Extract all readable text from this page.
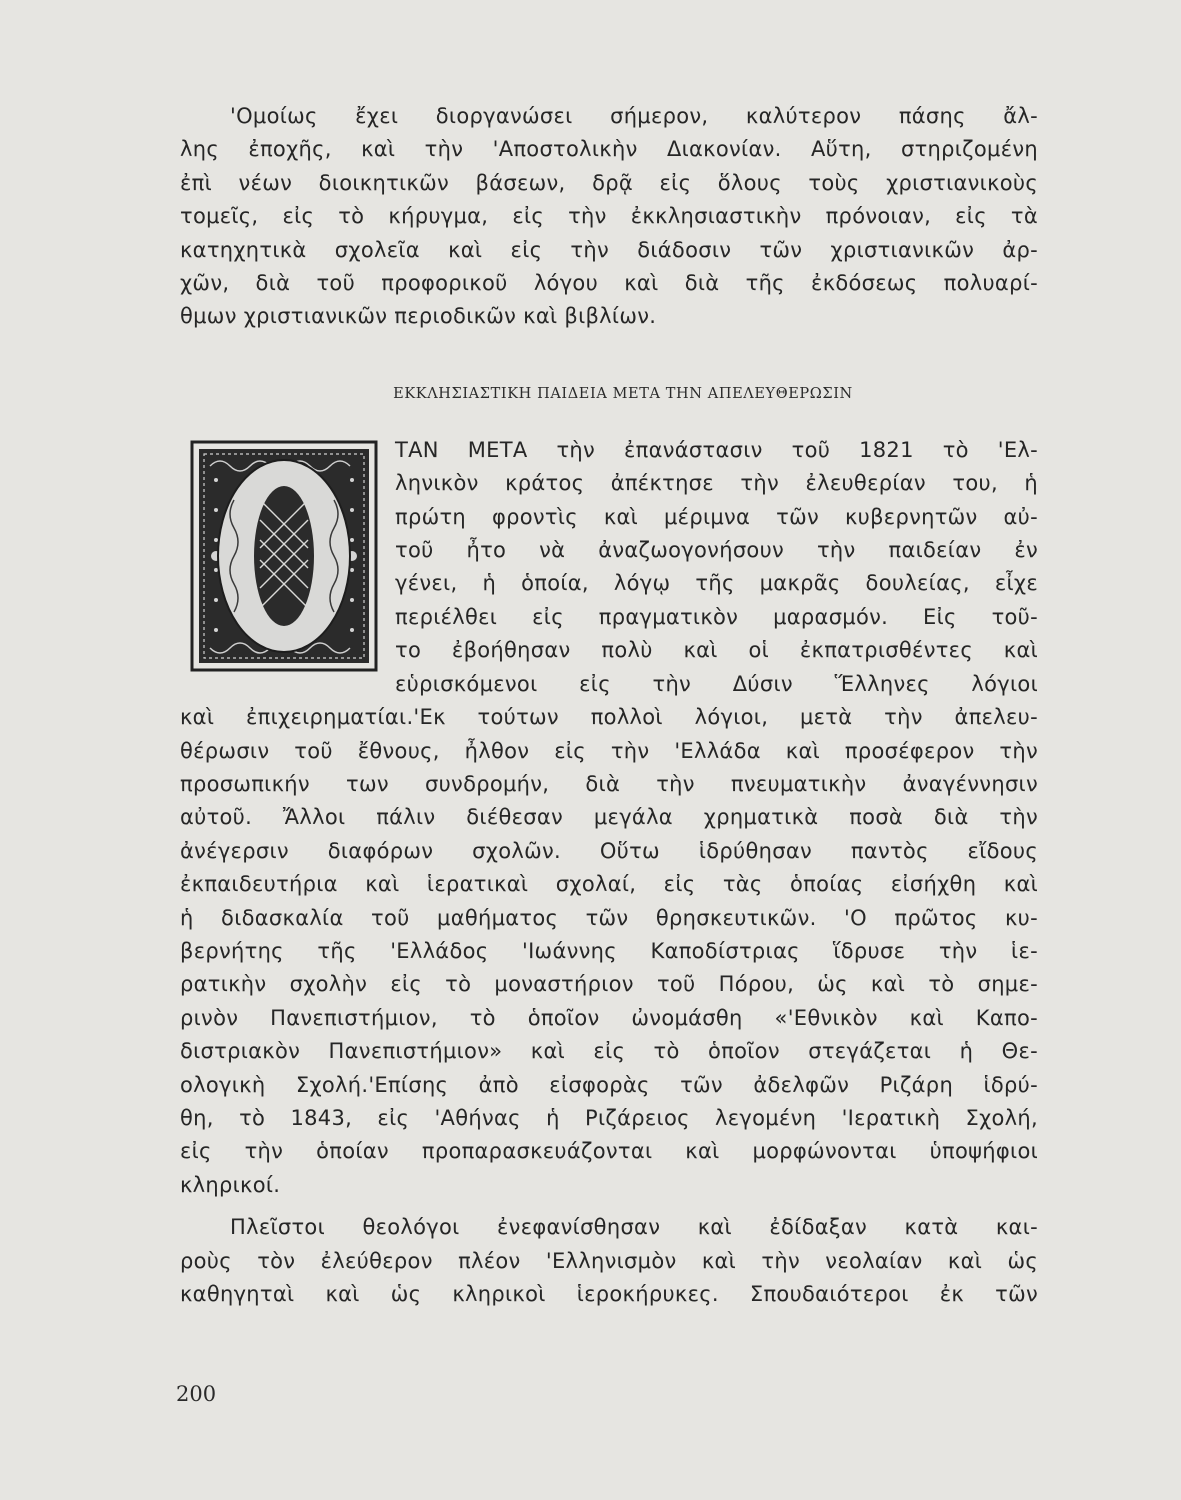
'Ομοίως ἔχει διοργανώσει σήμερον, καλύτερον πάσης ἄλ-
λης ἐποχῆς, καὶ τὴν 'Αποστολικὴν Διακονίαν. Αὕτη, στηριζομένη
ἐπὶ νέων διοικητικῶν βάσεων, δρᾷ εἰς ὅλους τοὺς χριστιανικοὺς
τομεῖς, εἰς τὸ κήρυγμα, εἰς τὴν ἐκκλησιαστικὴν πρόνοιαν, εἰς τὰ
κατηχητικὰ σχολεῖα καὶ εἰς τὴν διάδοσιν τῶν χριστιανικῶν ἀρ-
χῶν, διὰ τοῦ προφορικοῦ λόγου καὶ διὰ τῆς ἐκδόσεως πολυαρί-
θμων χριστιανικῶν περιοδικῶν καὶ βιβλίων.

ΕΚΚΛΗΣΙΑΣΤΙΚΗ ΠΑΙΔΕΙΑ ΜΕΤΑ ΤΗΝ ΑΠΕΛΕΥΘΕΡΩΣΙΝ

ΤΑΝ ΜΕΤΑ τὴν ἐπανάστασιν τοῦ 1821 τὸ 'Ελ-
ληνικὸν κράτος ἀπέκτησε τὴν ἐλευθερίαν του, ἡ
πρώτη φροντὶς καὶ μέριμνα τῶν κυβερνητῶν αὐ-
τοῦ ἦτο νὰ ἀναζωογονήσουν τὴν παιδείαν ἐν
γένει, ἡ ὁποία, λόγῳ τῆς μακρᾶς δουλείας, εἶχε
περιέλθει εἰς πραγματικὸν μαρασμόν. Εἰς τοῦ-
το ἐβοήθησαν πολὺ καὶ οἱ ἐκπατρισθέντες καὶ
εὑρισκόμενοι εἰς τὴν Δύσιν Ἕλληνες λόγιοι
καὶ ἐπιχειρηματίαι.'Εκ τούτων πολλοὶ λόγιοι, μετὰ τὴν ἀπελευ-
θέρωσιν τοῦ ἔθνους, ἦλθον εἰς τὴν 'Ελλάδα καὶ προσέφερον τὴν
προσωπικήν των συνδρομήν, διὰ τὴν πνευματικὴν ἀναγέννησιν
αὐτοῦ. Ἄλλοι πάλιν διέθεσαν μεγάλα χρηματικὰ ποσὰ διὰ τὴν
ἀνέγερσιν διαφόρων σχολῶν. Οὕτω ἱδρύθησαν παντὸς εἴδους
ἐκπαιδευτήρια καὶ ἱερατικαὶ σχολαί, εἰς τὰς ὁποίας εἰσήχθη καὶ
ἡ διδασκαλία τοῦ μαθήματος τῶν θρησκευτικῶν. 'Ο πρῶτος κυ-
βερνήτης τῆς 'Ελλάδος 'Ιωάννης Καποδίστριας ἵδρυσε τὴν ἱε-
ρατικὴν σχολὴν εἰς τὸ μοναστήριον τοῦ Πόρου, ὡς καὶ τὸ σημε-
ρινὸν Πανεπιστήμιον, τὸ ὁποῖον ὠνομάσθη «'Εθνικὸν καὶ Καπο-
διστριακὸν Πανεπιστήμιον» καὶ εἰς τὸ ὁποῖον στεγάζεται ἡ Θε-
ολογικὴ Σχολή.'Επίσης ἀπὸ εἰσφορὰς τῶν ἀδελφῶν Ριζάρη ἱδρύ-
θη, τὸ 1843, εἰς 'Αθήνας ἡ Ριζάρειος λεγομένη 'Ιερατικὴ Σχολή,
εἰς τὴν ὁποίαν προπαρασκευάζονται καὶ μορφώνονται ὑποψήφιοι
κληρικοί.

Πλεῖστοι θεολόγοι ἐνεφανίσθησαν καὶ ἐδίδαξαν κατὰ και-
ροὺς τὸν ἐλεύθερον πλέον 'Ελληνισμὸν καὶ τὴν νεολαίαν καὶ ὡς
καθηγηταὶ καὶ ὡς κληρικοὶ ἱεροκήρυκες. Σπουδαιότεροι ἐκ τῶν

200
